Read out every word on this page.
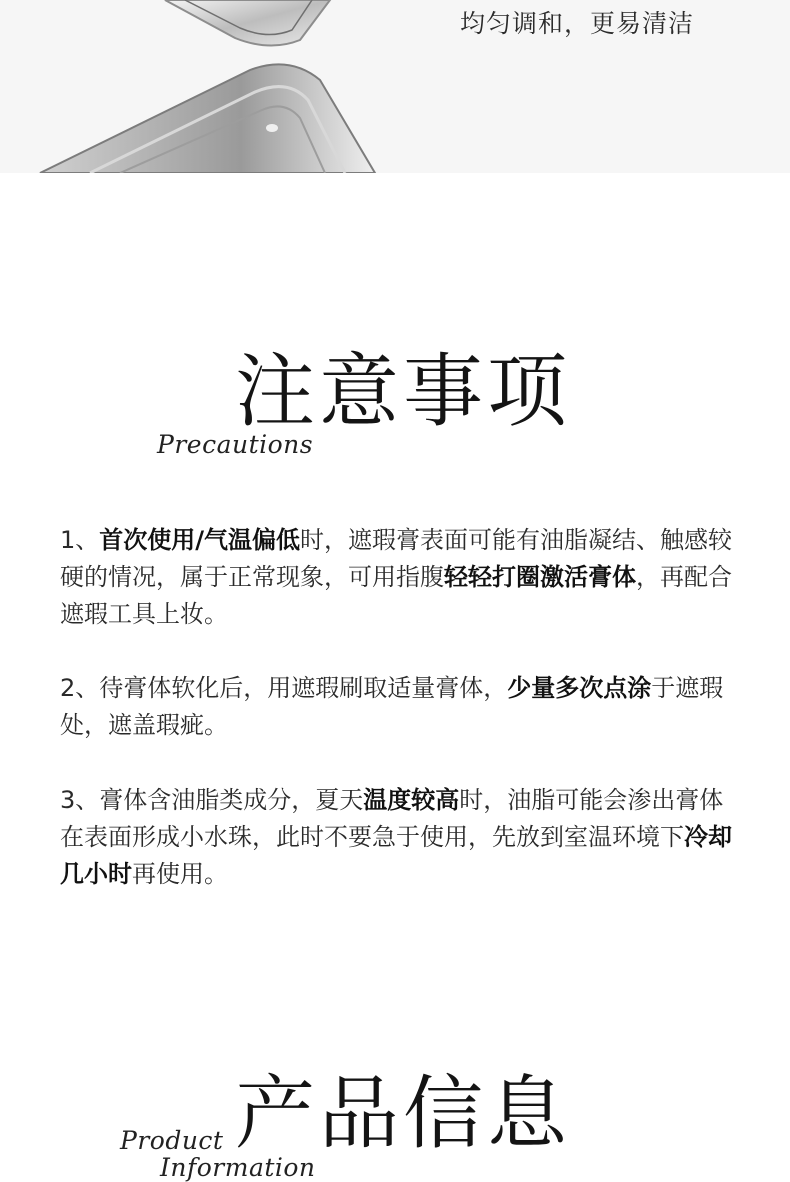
均匀调和，更易清洁
注意事项
Precautions

1、首次使用/气温偏低时，遮瑕膏表面可能有油脂凝结、触感较硬的情况，属于正常现象，可用指腹轻轻打圈激活膏体，再配合遮瑕工具上妆。

2、待膏体软化后，用遮瑕刷取适量膏体，少量多次点涂于遮瑕处，遮盖瑕疵。

3、膏体含油脂类成分，夏天温度较高时，油脂可能会渗出膏体在表面形成小水珠，此时不要急于使用，先放到室温环境下冷却几小时再使用。

产品信息
Product
Information
